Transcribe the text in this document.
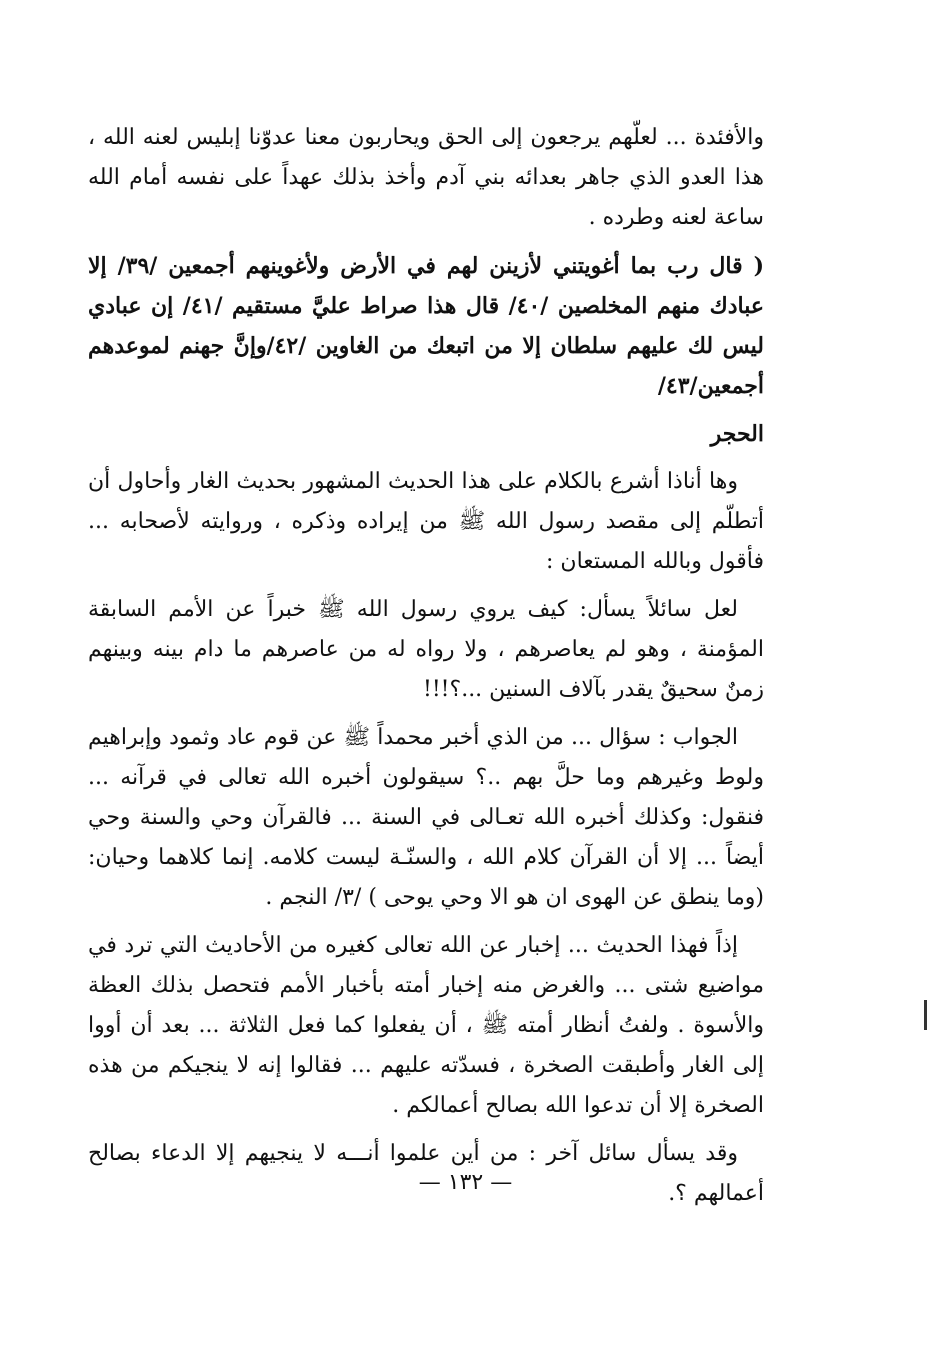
والأفئدة ... لعلّهم يرجعون إلى الحق ويحاربون معنا عدوّنا إبليس لعنه الله ، هذا العدو الذي جاهر بعدائه بني آدم وأخذ بذلك عهداً على نفسه أمام الله ساعة لعنه وطرده .

( قال رب بما أغويتني لأزينن لهم في الأرض ولأغوينهم أجمعين /٣٩/ إلا عبادك منهم المخلصين /٤٠/ قال هذا صراط عليَّ مستقيم /٤١/ إن عبادي ليس لك عليهم سلطان إلا من اتبعك من الغاوين /٤٢/وإنَّ جهنم لموعدهم أجمعين/٤٣/

الحجر

وها أناذا أشرع بالكلام على هذا الحديث المشهور بحديث الغار وأحاول أن أتطلّم إلى مقصد رسول الله ﷺ من إيراده وذكره ، وروايته لأصحابه ... فأقول وبالله المستعان :

لعل سائلاً يسأل: كيف يروي رسول الله ﷺ خبراً عن الأمم السابقة المؤمنة ، وهو لم يعاصرهم ، ولا رواه له من عاصرهم ما دام بينه وبينهم زمنٌ سحيقٌ يقدر بآلاف السنين ...؟!!!

الجواب : سؤال ... من الذي أخبر محمداً ﷺ عن قوم عاد وثمود وإبراهيم ولوط وغيرهم وما حلَّ بهم ..؟ سيقولون أخبره الله تعالى في قرآنه ... فنقول: وكذلك أخبره الله تعـالى في السنة ... فالقرآن وحي والسنة وحي أيضاً ... إلا أن القرآن كلام الله ، والسنّـة ليست كلامه. إنما كلاهما وحيان: (وما ينطق عن الهوى ان هو الا وحي يوحى ) /٣/ النجم .

إذاً فهذا الحديث ... إخبار عن الله تعالى كغيره من الأحاديث التي ترد في مواضيع شتى ... والغرض منه إخبار أمته بأخبار الأمم فتحصل بذلك العظة والأسوة . ولفتُ أنظار أمته ﷺ ، أن يفعلوا كما فعل الثلاثة ... بعد أن أووا إلى الغار وأطبقت الصخرة ، فسدّته عليهم ... فقالوا إنه لا ينجيكم من هذه الصخرة إلا أن تدعوا الله بصالح أعمالكم .

وقد يسأل سائل آخر : من أين علموا أنـــه لا ينجيهم إلا الدعاء بصالح أعمالهم ؟.

— ١٣٢ —
